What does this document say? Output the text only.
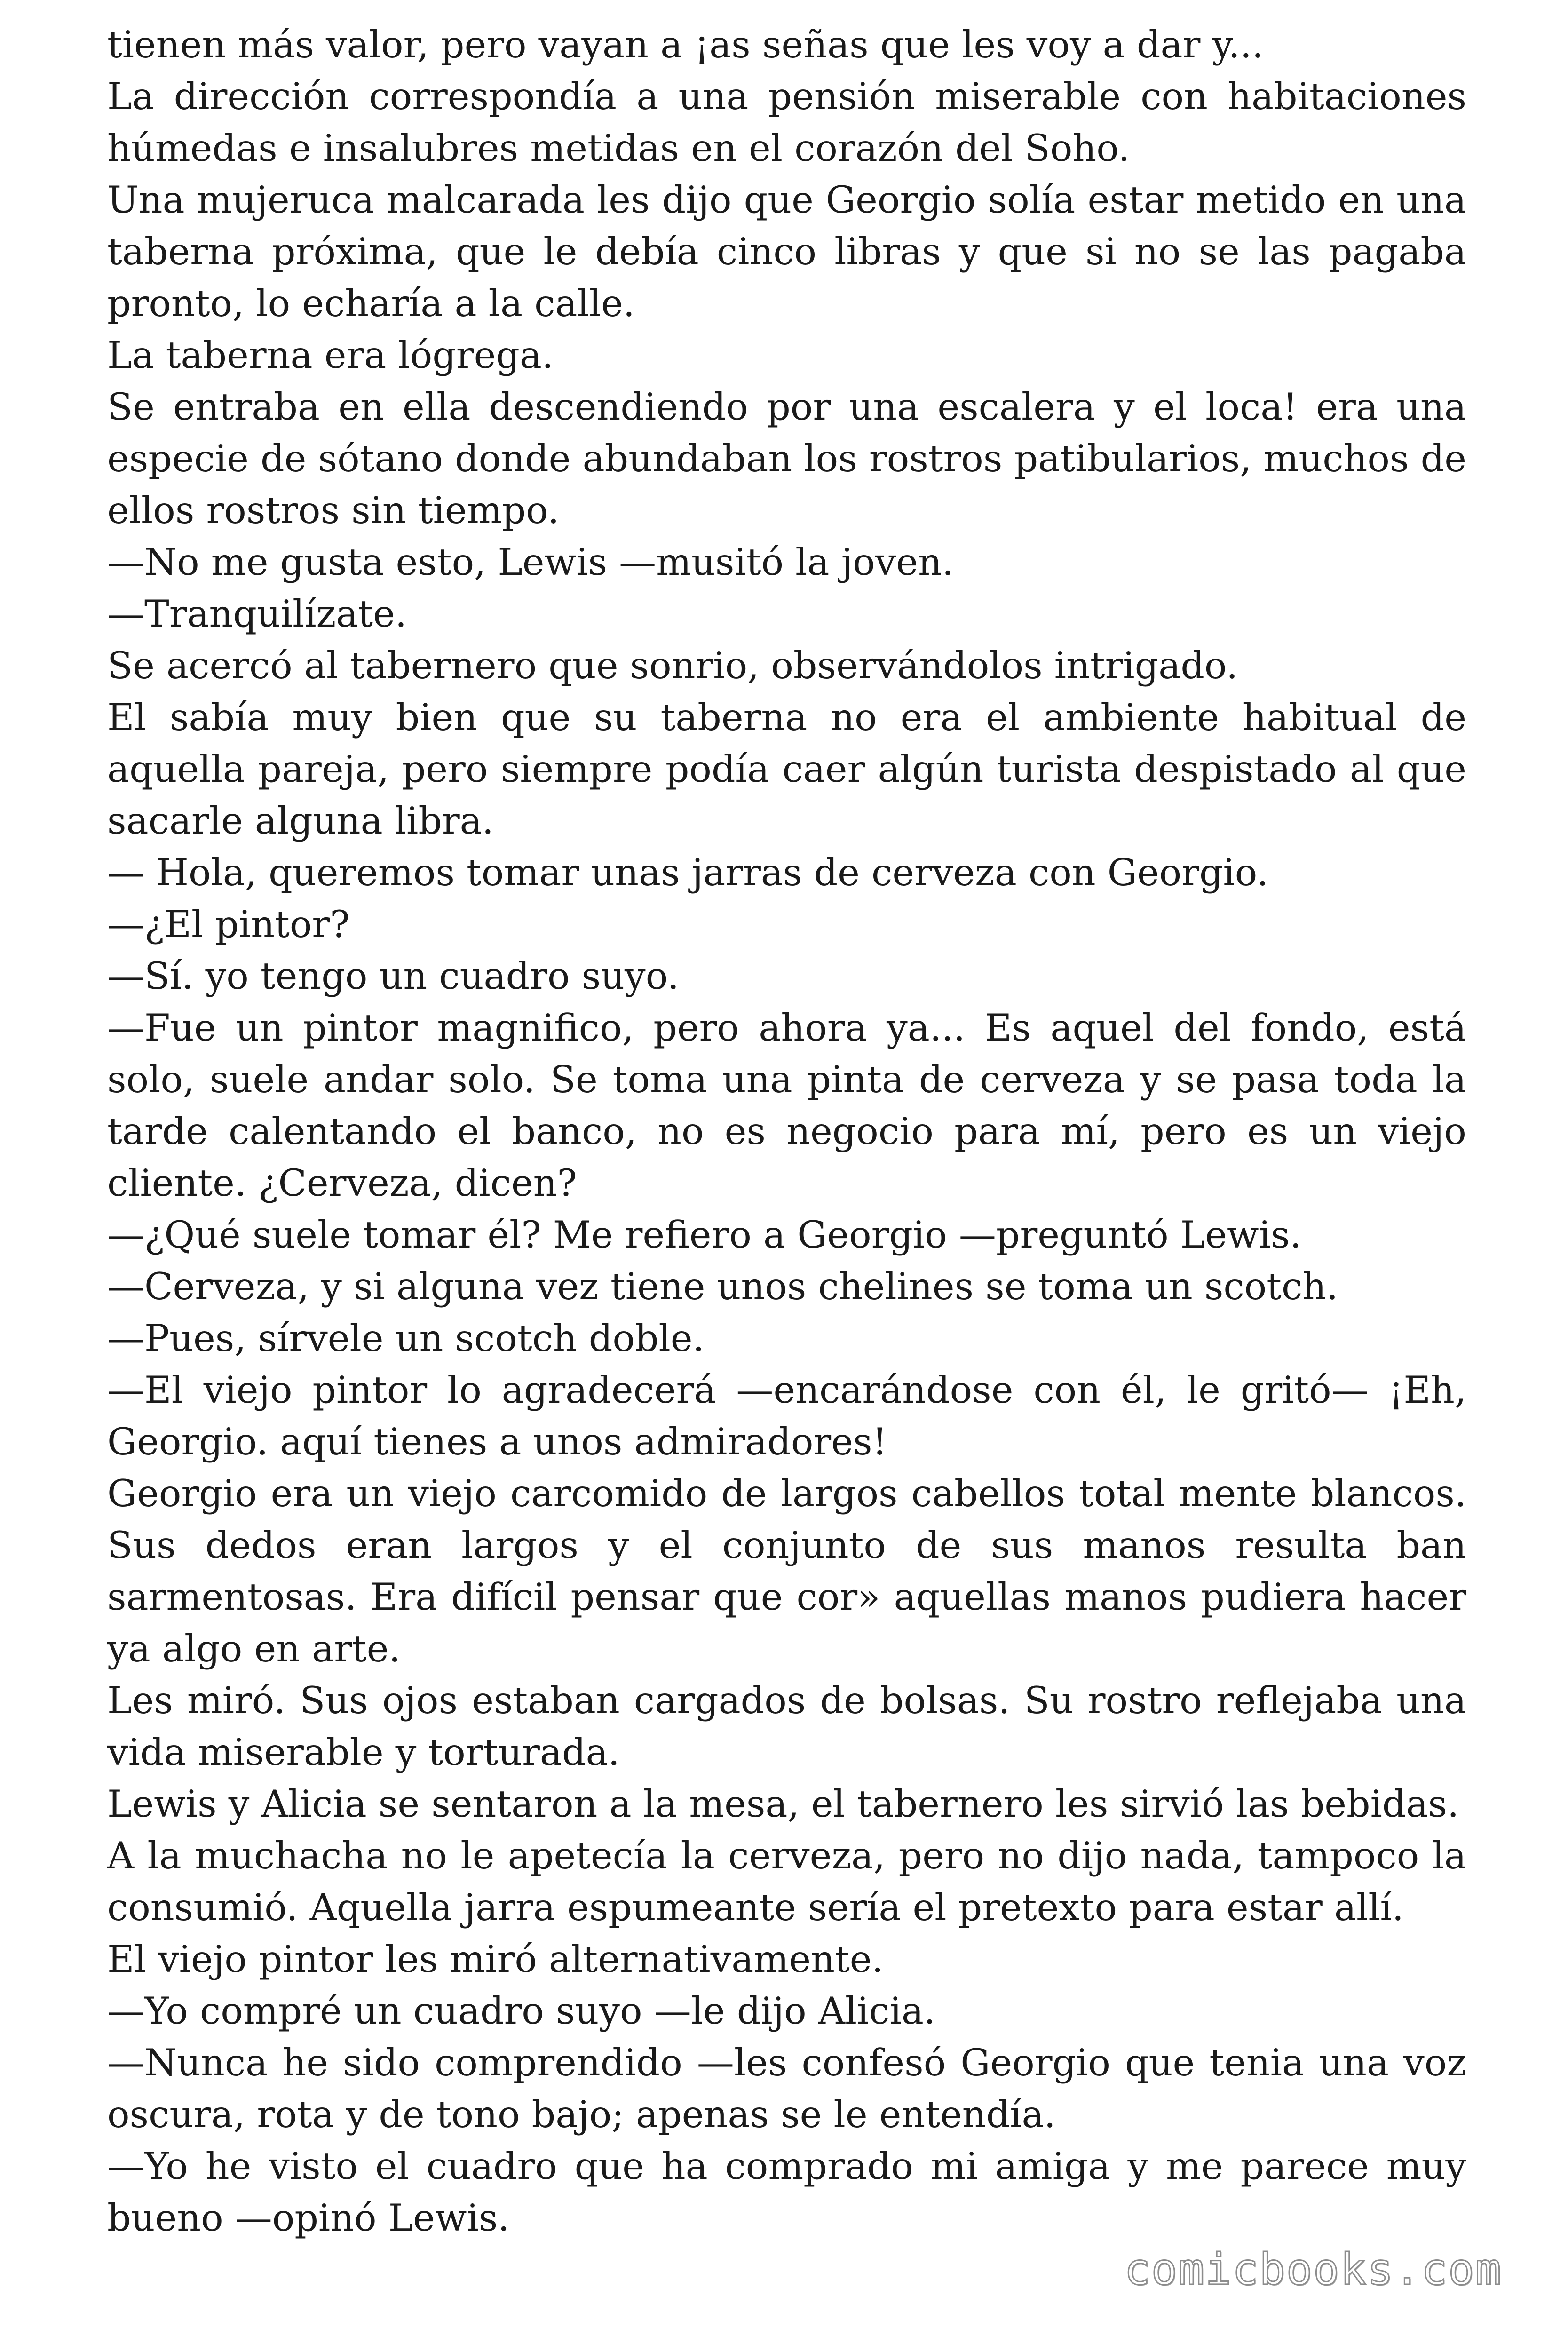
tienen más valor, pero vayan a ¡as señas que les voy a dar y...

La dirección correspondía a una pensión miserable con habitaciones húmedas e insalubres metidas en el corazón del Soho.

Una mujeruca malcarada les dijo que Georgio solía estar metido en una taberna próxima, que le debía cinco libras y que si no se las pagaba pronto, lo echaría a la calle.

La taberna era lógrega.

Se entraba en ella descendiendo por una escalera y el loca! era una especie de sótano donde abundaban los rostros patibularios, muchos de ellos rostros sin tiempo.

—No me gusta esto, Lewis —musitó la joven.

—Tranquilízate.

Se acercó al tabernero que sonrio, observándolos intrigado.

El sabía muy bien que su taberna no era el ambiente habitual de aquella pareja, pero siempre podía caer algún turista despistado al que sacarle alguna libra.

— Hola, queremos tomar unas jarras de cerveza con Georgio.

—¿El pintor?

—Sí. yo tengo un cuadro suyo.

—Fue un pintor magnifico, pero ahora ya... Es aquel del fondo, está solo, suele andar solo. Se toma una pinta de cerveza y se pasa toda la tarde calentando el banco, no es negocio para mí, pero es un viejo cliente. ¿Cerveza, dicen?

—¿Qué suele tomar él? Me refiero a Georgio —preguntó Lewis.

—Cerveza, y si alguna vez tiene unos chelines se toma un scotch.

—Pues, sírvele un scotch doble.

—El viejo pintor lo agradecerá —encarándose con él, le gritó— ¡Eh, Georgio. aquí tienes a unos admiradores!

Georgio era un viejo carcomido de largos cabellos total mente blancos. Sus dedos eran largos y el conjunto de sus manos resulta ban sarmentosas. Era difícil pensar que cor» aquellas manos pudiera hacer ya algo en arte.

Les miró. Sus ojos estaban cargados de bolsas. Su rostro reflejaba una vida miserable y torturada.

Lewis y Alicia se sentaron a la mesa, el tabernero les sirvió las bebidas.

A la muchacha no le apetecía la cerveza, pero no dijo nada, tampoco la consumió. Aquella jarra espumeante sería el pretexto para estar allí.

El viejo pintor les miró alternativamente.

—Yo compré un cuadro suyo —le dijo Alicia.

—Nunca he sido comprendido —les confesó Georgio que tenia una voz oscura, rota y de tono bajo; apenas se le entendía.

—Yo he visto el cuadro que ha comprado mi amiga y me parece muy bueno —opinó Lewis.

comicbooks.com
